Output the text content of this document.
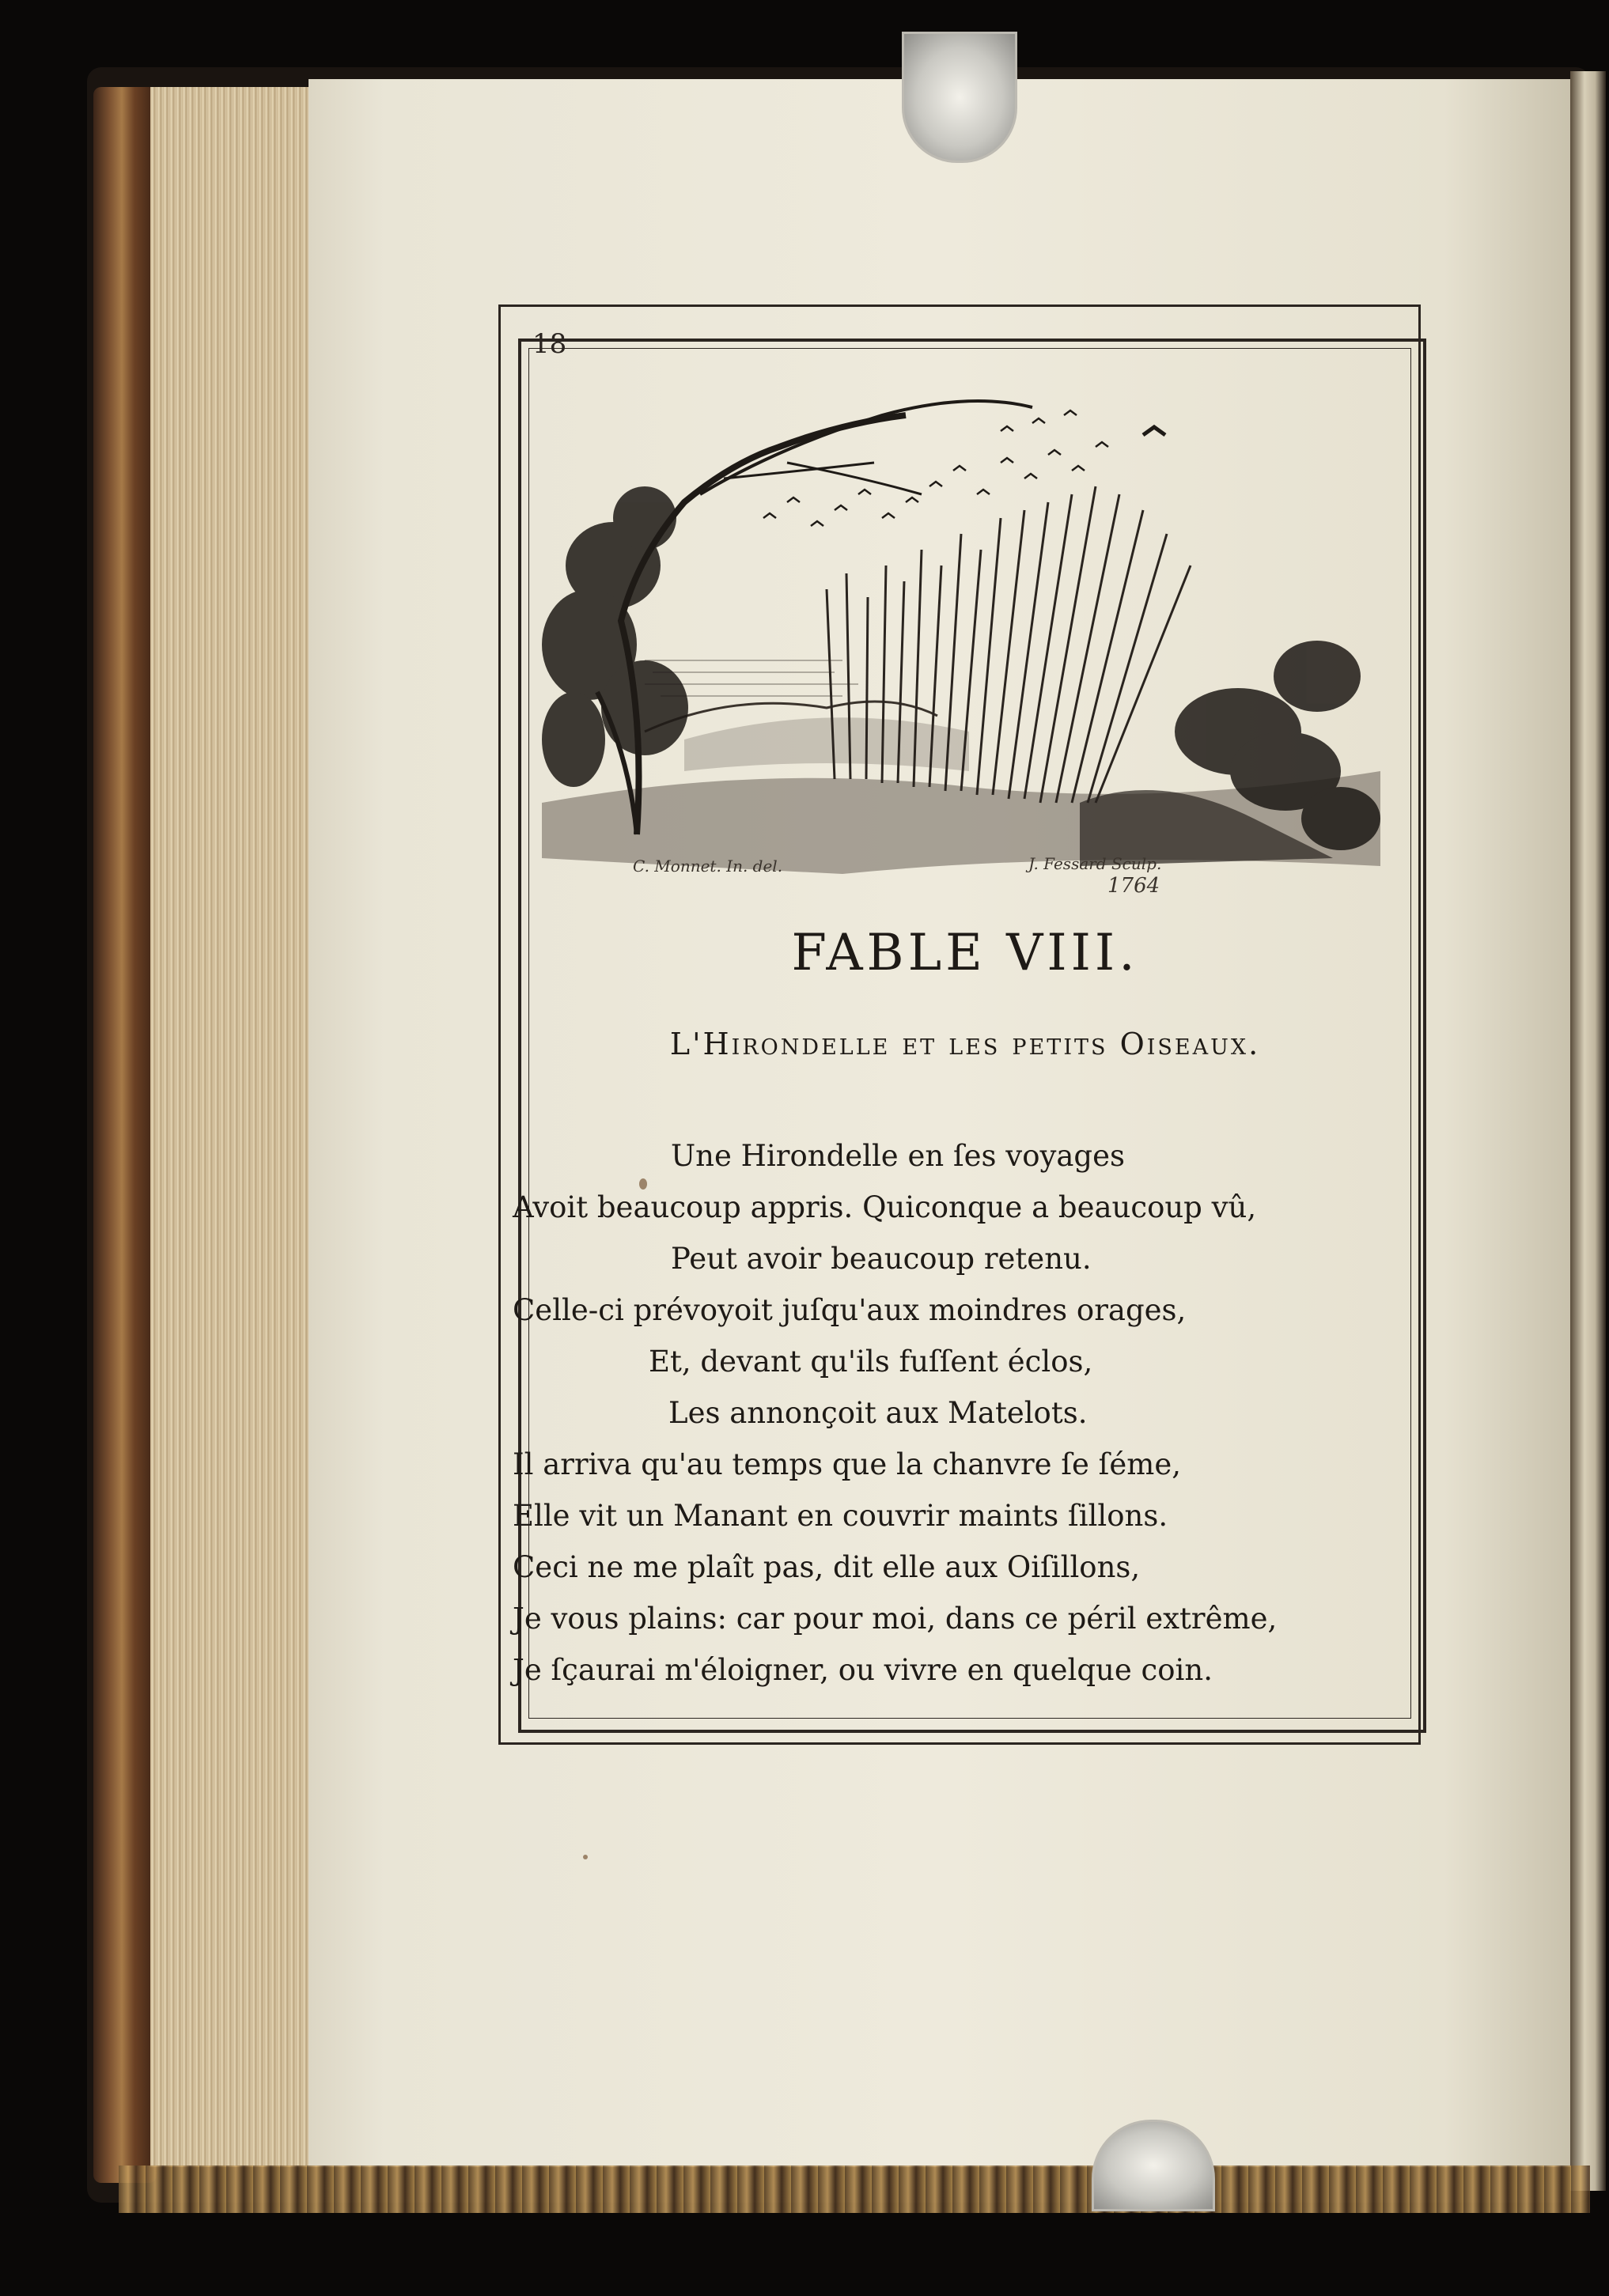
18
C. Monnet. In. del.	J. Fessard Sculp.
1764
FABLE VIII.
L'Hirondelle et les petits Oiseaux.
Une Hirondelle en ſes voyages
Avoit beaucoup appris. Quiconque a beaucoup vû,
Peut avoir beaucoup retenu.
Celle-ci prévoyoit juſqu'aux moindres orages,
Et, devant qu'ils fuſſent éclos,
Les annonçoit aux Matelots.
Il arriva qu'au temps que la chanvre ſe ſéme,
Elle vit un Manant en couvrir maints ſillons.
Ceci ne me plaît pas, dit elle aux Oiſillons,
Je vous plains: car pour moi, dans ce péril extrême,
Je ſçaurai m'éloigner, ou vivre en quelque coin.
